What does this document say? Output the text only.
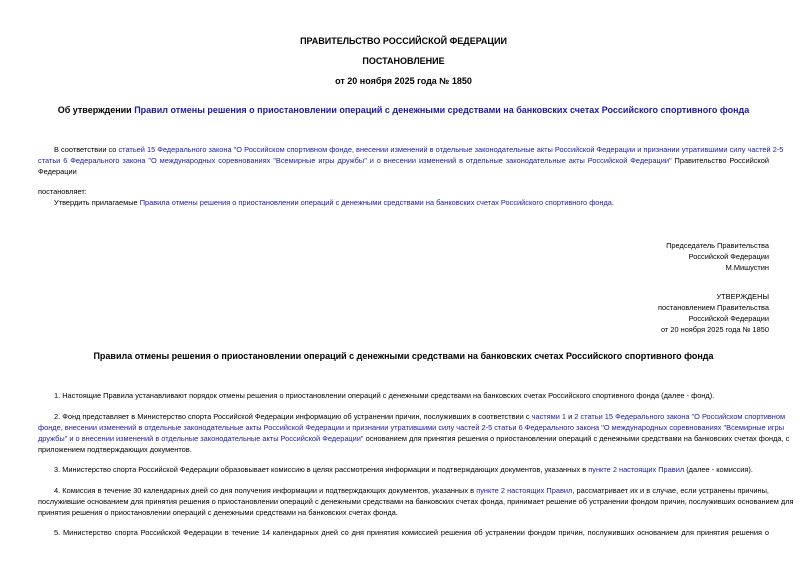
ПРАВИТЕЛЬСТВО РОССИЙСКОЙ ФЕДЕРАЦИИ
ПОСТАНОВЛЕНИЕ
от 20 ноября 2025 года № 1850
Об утверждении Правил отмены решения о приостановлении операций с денежными средствами на банковских счетах Российского спортивного фонда
В соответствии со статьей 15 Федерального закона "О Российском спортивном фонде, внесении изменений в отдельные законодательные акты Российской Федерации и признании утратившими силу частей 2-5
статьи 6 Федерального закона "О международных соревнованиях "Всемирные игры дружбы" и о внесении изменений в отдельные законодательные акты Российской Федерации" Правительство Российской
Федерации
постановляет:
Утвердить прилагаемые Правила отмены решения о приостановлении операций с денежными средствами на банковских счетах Российского спортивного фонда.
Председатель Правительства
Российской Федерации
М.Мишустин
УТВЕРЖДЕНЫ
постановлением Правительства
Российской Федерации
от 20 ноября 2025 года № 1850
Правила отмены решения о приостановлении операций с денежными средствами на банковских счетах Российского спортивного фонда
1. Настоящие Правила устанавливают порядок отмены решения о приостановлении операций с денежными средствами на банковских счетах Российского спортивного фонда (далее - фонд).
2. Фонд представляет в Министерство спорта Российской Федерации информацию об устранении причин, послуживших в соответствии с частями 1 и 2 статьи 15 Федерального закона "О Российском спортивном
фонде, внесении изменений в отдельные законодательные акты Российской Федерации и признании утратившими силу частей 2-5 статьи 6 Федерального закона "О международных соревнованиях "Всемирные игры
дружбы" и о внесении изменений в отдельные законодательные акты Российской Федерации" основанием для принятия решения о приостановлении операций с денежными средствами на банковских счетах фонда, с
приложением подтверждающих документов.
3. Министерство спорта Российской Федерации образовывает комиссию в целях рассмотрения информации и подтверждающих документов, указанных в пункте 2 настоящих Правил (далее - комиссия).
4. Комиссия в течение 30 календарных дней со дня получения информации и подтверждающих документов, указанных в пункте 2 настоящих Правил, рассматривает их и в случае, если устранены причины,
послужившие основанием для принятия решения о приостановлении операций с денежными средствами на банковских счетах фонда, принимает решение об устранении фондом причин, послуживших основанием для
принятия решения о приостановлении операций с денежными средствами на банковских счетах фонда.
5. Министерство спорта Российской Федерации в течение 14 календарных дней со дня принятия комиссией решения об устранении фондом причин, послуживших основанием для принятия решения о
